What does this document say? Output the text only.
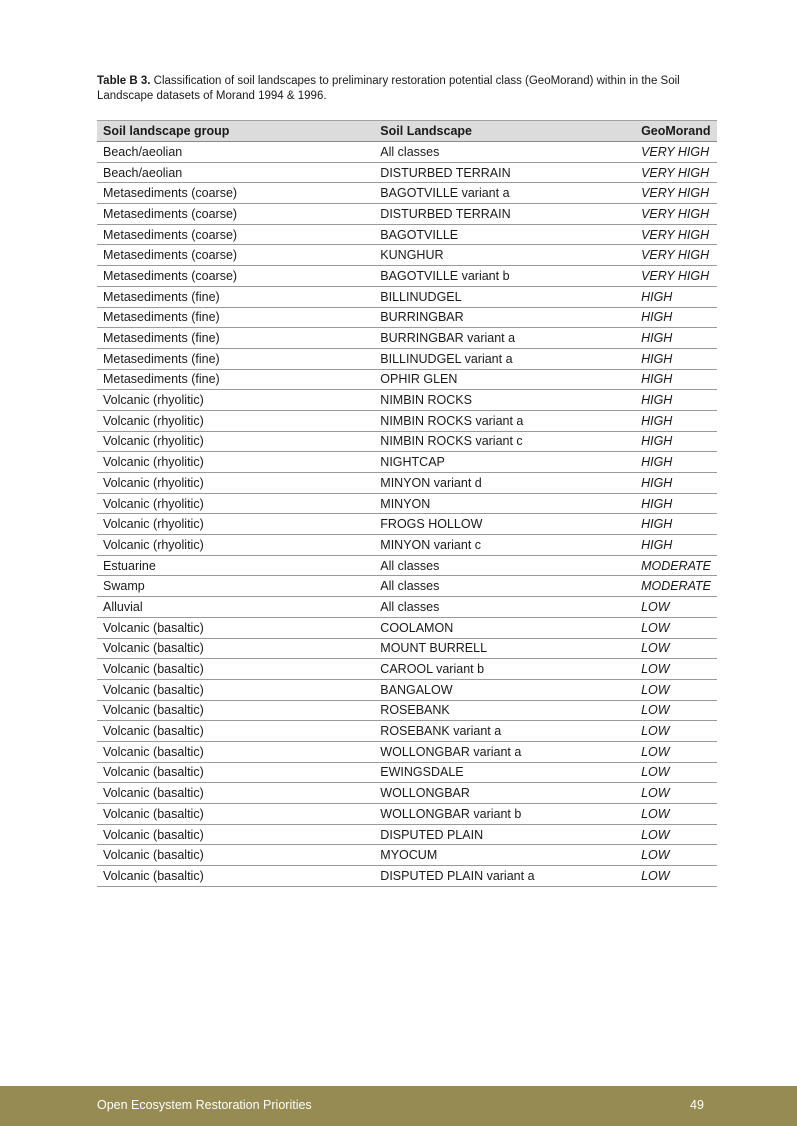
Table B 3. Classification of soil landscapes to preliminary restoration potential class (GeoMorand) within in the Soil Landscape datasets of Morand 1994 & 1996.
Soil landscape group	Soil Landscape	GeoMorand
Beach/aeolian	All classes	VERY HIGH
Beach/aeolian	DISTURBED TERRAIN	VERY HIGH
Metasediments (coarse)	BAGOTVILLE variant a	VERY HIGH
Metasediments (coarse)	DISTURBED TERRAIN	VERY HIGH
Metasediments (coarse)	BAGOTVILLE	VERY HIGH
Metasediments (coarse)	KUNGHUR	VERY HIGH
Metasediments (coarse)	BAGOTVILLE variant b	VERY HIGH
Metasediments (fine)	BILLINUDGEL	HIGH
Metasediments (fine)	BURRINGBAR	HIGH
Metasediments (fine)	BURRINGBAR variant a	HIGH
Metasediments (fine)	BILLINUDGEL variant a	HIGH
Metasediments (fine)	OPHIR GLEN	HIGH
Volcanic (rhyolitic)	NIMBIN ROCKS	HIGH
Volcanic (rhyolitic)	NIMBIN ROCKS variant a	HIGH
Volcanic (rhyolitic)	NIMBIN ROCKS variant c	HIGH
Volcanic (rhyolitic)	NIGHTCAP	HIGH
Volcanic (rhyolitic)	MINYON variant d	HIGH
Volcanic (rhyolitic)	MINYON	HIGH
Volcanic (rhyolitic)	FROGS HOLLOW	HIGH
Volcanic (rhyolitic)	MINYON variant c	HIGH
Estuarine	All classes	MODERATE
Swamp	All classes	MODERATE
Alluvial	All classes	LOW
Volcanic (basaltic)	COOLAMON	LOW
Volcanic (basaltic)	MOUNT BURRELL	LOW
Volcanic (basaltic)	CAROOL variant b	LOW
Volcanic (basaltic)	BANGALOW	LOW
Volcanic (basaltic)	ROSEBANK	LOW
Volcanic (basaltic)	ROSEBANK variant a	LOW
Volcanic (basaltic)	WOLLONGBAR variant a	LOW
Volcanic (basaltic)	EWINGSDALE	LOW
Volcanic (basaltic)	WOLLONGBAR	LOW
Volcanic (basaltic)	WOLLONGBAR variant b	LOW
Volcanic (basaltic)	DISPUTED PLAIN	LOW
Volcanic (basaltic)	MYOCUM	LOW
Volcanic (basaltic)	DISPUTED PLAIN variant a	LOW
Open Ecosystem Restoration Priorities	49
